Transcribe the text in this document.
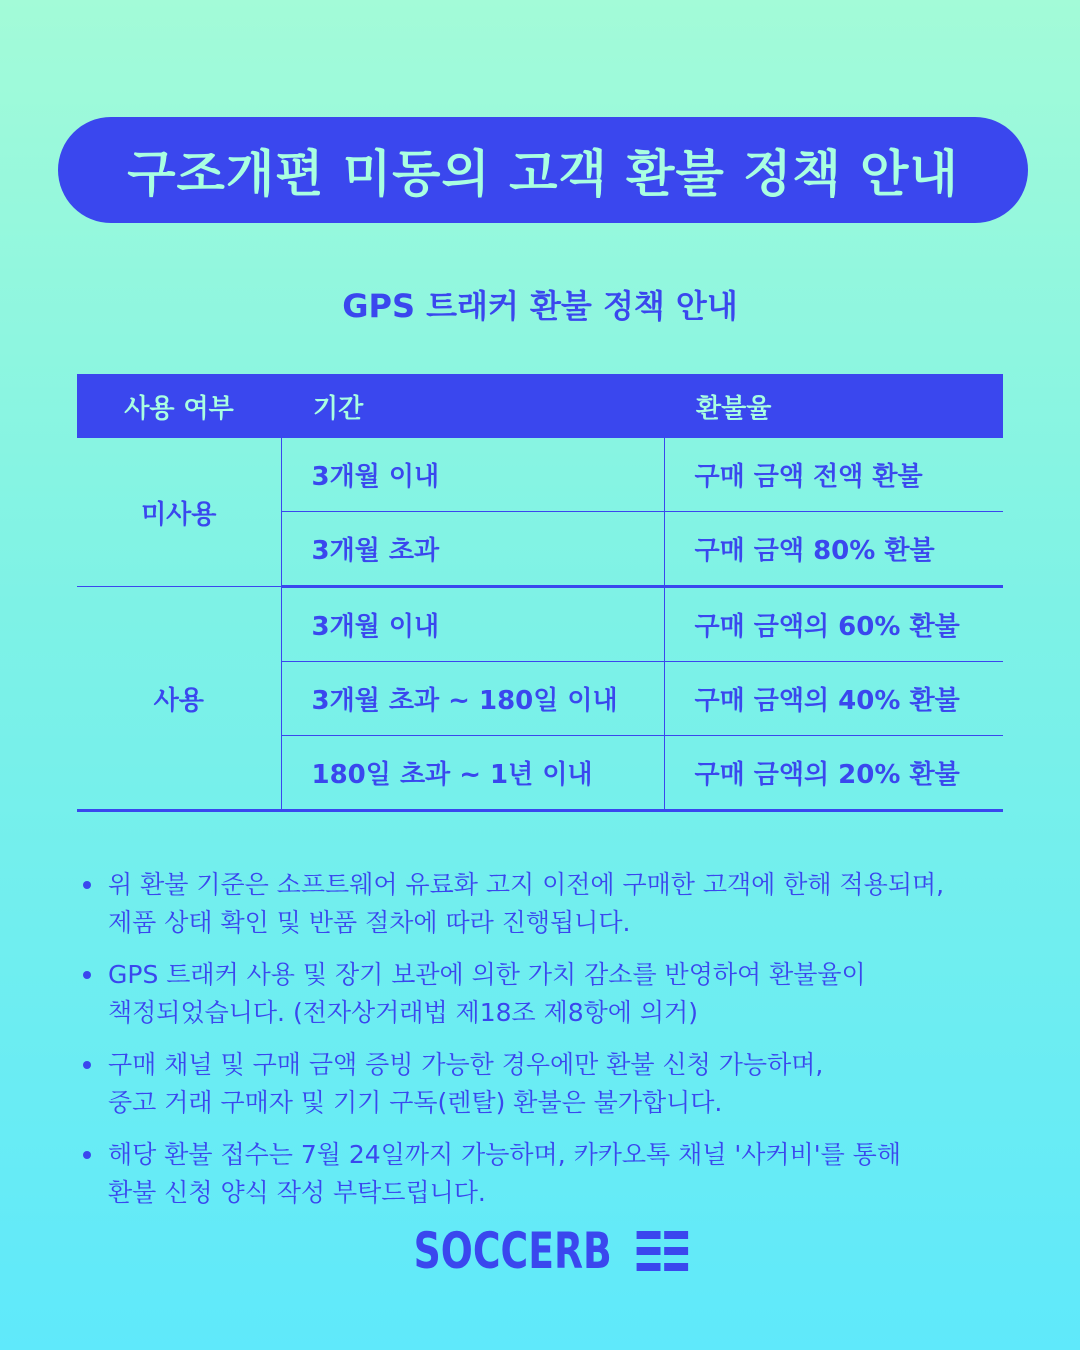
구조개편 미동의 고객 환불 정책 안내
GPS 트래커 환불 정책 안내
사용 여부	기간	환불율
미사용	3개월 이내	구매 금액 전액 환불
	3개월 초과	구매 금액 80% 환불
사용	3개월 이내	구매 금액의 60% 환불
	3개월 초과 ~ 180일 이내	구매 금액의 40% 환불
	180일 초과 ~ 1년 이내	구매 금액의 20% 환불
위 환불 기준은 소프트웨어 유료화 고지 이전에 구매한 고객에 한해 적용되며,
제품 상태 확인 및 반품 절차에 따라 진행됩니다.
GPS 트래커 사용 및 장기 보관에 의한 가치 감소를 반영하여 환불율이
책정되었습니다. (전자상거래법 제18조 제8항에 의거)
구매 채널 및 구매 금액 증빙 가능한 경우에만 환불 신청 가능하며,
중고 거래 구매자 및 기기 구독(렌탈) 환불은 불가합니다.
해당 환불 접수는 7월 24일까지 가능하며, 카카오톡 채널 '사커비'를 통해
환불 신청 양식 작성 부탁드립니다.
SOCCERB
